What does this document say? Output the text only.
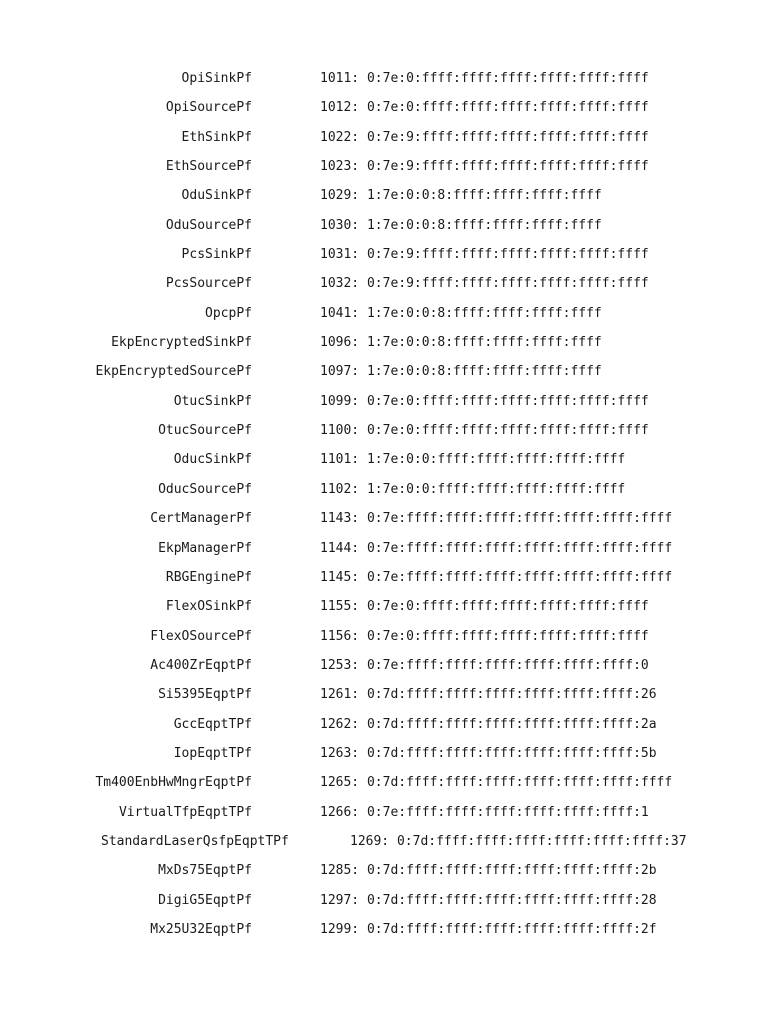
OpiSinkPf	1011: 0:7e:0:ffff:ffff:ffff:ffff:ffff:ffff
OpiSourcePf	1012: 0:7e:0:ffff:ffff:ffff:ffff:ffff:ffff
EthSinkPf	1022: 0:7e:9:ffff:ffff:ffff:ffff:ffff:ffff
EthSourcePf	1023: 0:7e:9:ffff:ffff:ffff:ffff:ffff:ffff
OduSinkPf	1029: 1:7e:0:0:8:ffff:ffff:ffff:ffff
OduSourcePf	1030: 1:7e:0:0:8:ffff:ffff:ffff:ffff
PcsSinkPf	1031: 0:7e:9:ffff:ffff:ffff:ffff:ffff:ffff
PcsSourcePf	1032: 0:7e:9:ffff:ffff:ffff:ffff:ffff:ffff
OpcpPf	1041: 1:7e:0:0:8:ffff:ffff:ffff:ffff
EkpEncryptedSinkPf	1096: 1:7e:0:0:8:ffff:ffff:ffff:ffff
EkpEncryptedSourcePf	1097: 1:7e:0:0:8:ffff:ffff:ffff:ffff
OtucSinkPf	1099: 0:7e:0:ffff:ffff:ffff:ffff:ffff:ffff
OtucSourcePf	1100: 0:7e:0:ffff:ffff:ffff:ffff:ffff:ffff
OducSinkPf	1101: 1:7e:0:0:ffff:ffff:ffff:ffff:ffff
OducSourcePf	1102: 1:7e:0:0:ffff:ffff:ffff:ffff:ffff
CertManagerPf	1143: 0:7e:ffff:ffff:ffff:ffff:ffff:ffff:ffff
EkpManagerPf	1144: 0:7e:ffff:ffff:ffff:ffff:ffff:ffff:ffff
RBGEnginePf	1145: 0:7e:ffff:ffff:ffff:ffff:ffff:ffff:ffff
FlexOSinkPf	1155: 0:7e:0:ffff:ffff:ffff:ffff:ffff:ffff
FlexOSourcePf	1156: 0:7e:0:ffff:ffff:ffff:ffff:ffff:ffff
Ac400ZrEqptPf	1253: 0:7e:ffff:ffff:ffff:ffff:ffff:ffff:0
Si5395EqptPf	1261: 0:7d:ffff:ffff:ffff:ffff:ffff:ffff:26
GccEqptTPf	1262: 0:7d:ffff:ffff:ffff:ffff:ffff:ffff:2a
IopEqptTPf	1263: 0:7d:ffff:ffff:ffff:ffff:ffff:ffff:5b
Tm400EnbHwMngrEqptPf	1265: 0:7d:ffff:ffff:ffff:ffff:ffff:ffff:ffff
VirtualTfpEqptTPf	1266: 0:7e:ffff:ffff:ffff:ffff:ffff:ffff:1
StandardLaserQsfpEqptTPf	1269: 0:7d:ffff:ffff:ffff:ffff:ffff:ffff:37
MxDs75EqptPf	1285: 0:7d:ffff:ffff:ffff:ffff:ffff:ffff:2b
DigiG5EqptPf	1297: 0:7d:ffff:ffff:ffff:ffff:ffff:ffff:28
Mx25U32EqptPf	1299: 0:7d:ffff:ffff:ffff:ffff:ffff:ffff:2f
